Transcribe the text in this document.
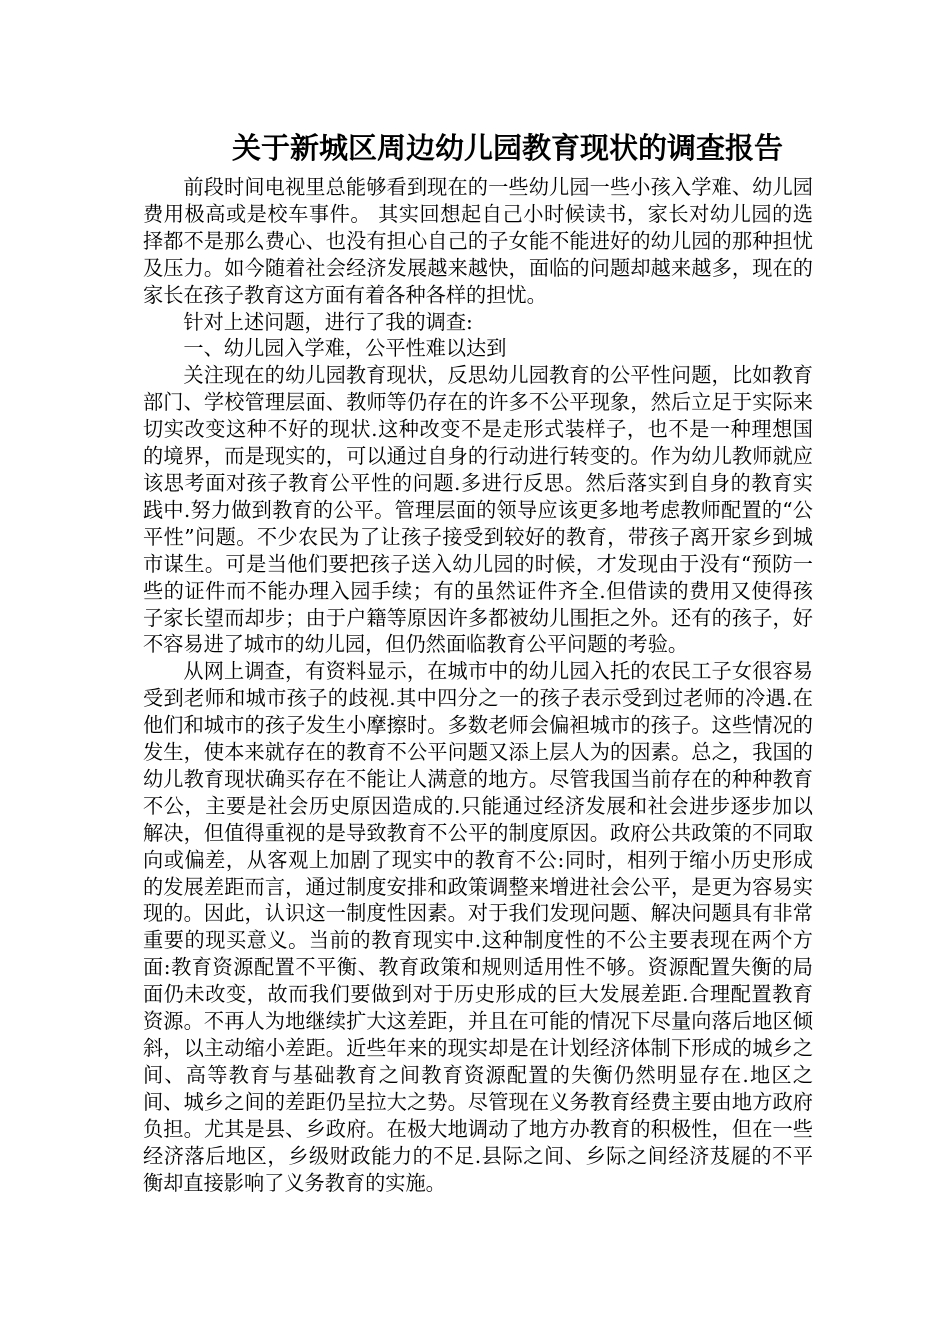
关于新城区周边幼儿园教育现状的调查报告

前段时间电视里总能够看到现在的一些幼儿园一些小孩入学难、幼儿园费用极高或是校车事件。 其实回想起自己小时候读书，家长对幼儿园的选择都不是那么费心、也没有担心自己的子女能不能进好的幼儿园的那种担忧及压力。如今随着社会经济发展越来越快，面临的问题却越来越多，现在的家长在孩子教育这方面有着各种各样的担忧。

针对上述问题，进行了我的调查:

一、幼儿园入学难，公平性难以达到

关注现在的幼儿园教育现状，反思幼儿园教育的公平性问题，比如教育部门、学校管理层面、教师等仍存在的许多不公平现象，然后立足于实际来切实改变这种不好的现状.这种改变不是走形式装样子，也不是一种理想国的境界，而是现实的，可以通过自身的行动进行转变的。作为幼儿教师就应该思考面对孩子教育公平性的问题.多进行反思。然后落实到自身的教育实践中.努力做到教育的公平。管理层面的领导应该更多地考虑教师配置的“公平性”问题。不少农民为了让孩子接受到较好的教育，带孩子离开家乡到城市谋生。可是当他们要把孩子送入幼儿园的时候，才发现由于没有“预防一些的证件而不能办理入园手续；有的虽然证件齐全.但借读的费用又使得孩子家长望而却步；由于户籍等原因许多都被幼儿围拒之外。还有的孩子，好不容易进了城市的幼儿园，但仍然面临教育公平问题的考验。

从网上调查，有资料显示，在城市中的幼儿园入托的农民工子女很容易受到老师和城市孩子的歧视.其中四分之一的孩子表示受到过老师的冷遇.在他们和城市的孩子发生小摩擦时。多数老师会偏袒城市的孩子。这些情况的发生，使本来就存在的教育不公平问题又添上层人为的因素。总之，我国的幼儿教育现状确买存在不能让人满意的地方。尽管我国当前存在的种种教育不公，主要是社会历史原因造成的.只能通过经济发展和社会进步逐步加以解决，但值得重视的是导致教育不公平的制度原因。政府公共政策的不同取向或偏差，从客观上加剧了现实中的教育不公:同时，相列于缩小历史形成的发展差距而言，通过制度安排和政策调整来增进社会公平，是更为容易实现的。因此，认识这一制度性因素。对于我们发现问题、解决问题具有非常重要的现买意义。当前的教育现实中.这种制度性的不公主要表现在两个方面:教育资源配置不平衡、教育政策和规则适用性不够。资源配置失衡的局面仍未改变，故而我们要做到对于历史形成的巨大发展差距.合理配置教育资源。不再人为地继续扩大这差距，并且在可能的情况下尽量向落后地区倾斜，以主动缩小差距。近些年来的现实却是在计划经济体制下形成的城乡之间、高等教育与基础教育之间教育资源配置的失衡仍然明显存在.地区之间、城乡之间的差距仍呈拉大之势。尽管现在义务教育经费主要由地方政府负担。尤其是县、乡政府。在极大地调动了地方办教育的积极性，但在一些经济落后地区，乡级财政能力的不足.县际之间、乡际之间经济芨屣的不平衡却直接影响了义务教育的实施。
